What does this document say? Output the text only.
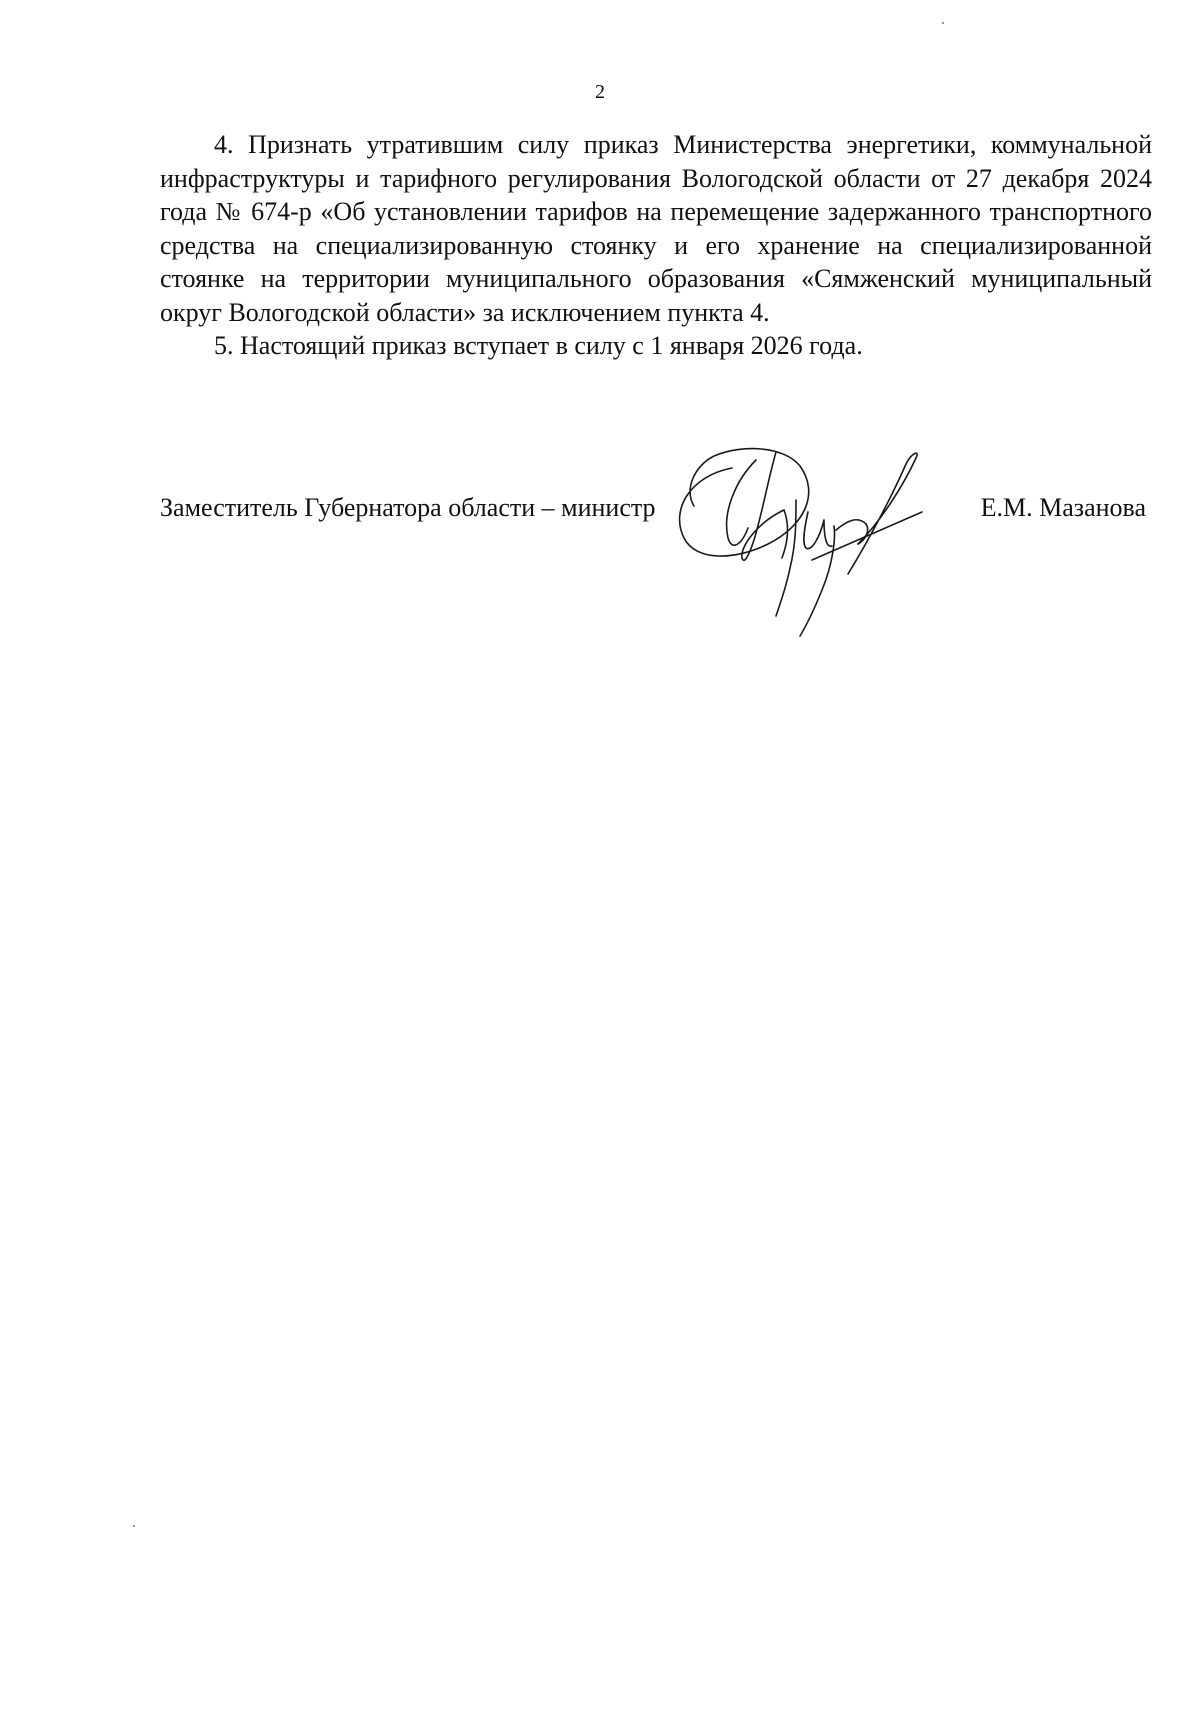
2

4. Признать утратившим силу приказ Министерства энергетики, коммунальной инфраструктуры и тарифного регулирования Вологодской области от 27 декабря 2024 года № 674-р «Об установлении тарифов на перемещение задержанного транспортного средства на специализированную стоянку и его хранение на специализированной стоянке на территории муниципального образования «Сямженский муниципальный округ Вологодской области» за исключением пункта 4.

5. Настоящий приказ вступает в силу с 1 января 2026 года.

Заместитель Губернатора области – министр	Е.М. Мазанова
